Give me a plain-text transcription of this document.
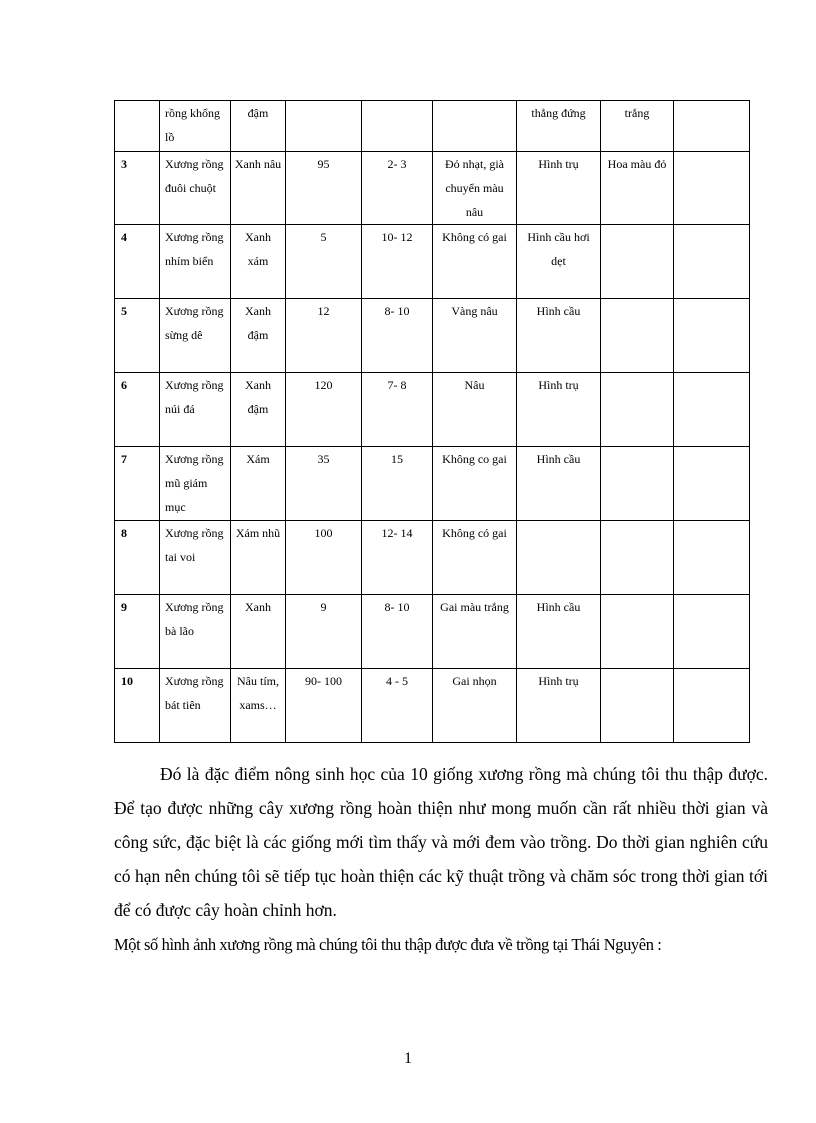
	rồng khổng lồ	đậm				thẳng đứng	trắng	
3	Xương rồng đuôi chuột	Xanh nâu	95	2- 3	Đỏ nhạt, già chuyển màu nâu	Hình trụ	Hoa màu đỏ	
4	Xương rồng nhím biển	Xanh xám	5	10- 12	Không có gai	Hình cầu hơi dẹt		
5	Xương rồng sừng dê	Xanh đậm	12	8- 10	Vàng nâu	Hình cầu		
6	Xương rồng núi đá	Xanh đậm	120	7- 8	Nâu	Hình trụ		
7	Xương rồng mũ giám mục	Xám	35	15	Không co gai	Hình cầu		
8	Xương rồng tai voi	Xám nhũ	100	12- 14	Không có gai			
9	Xương rồng bà lão	Xanh	9	8- 10	Gai màu trắng	Hình cầu		
10	Xương rồng bát tiên	Nâu tím, xams…	90- 100	4 - 5	Gai nhọn	Hình trụ		

Đó là đặc điểm nông sinh học của 10 giống xương rồng mà chúng tôi thu thập được. Để tạo được những cây xương rồng hoàn thiện như mong muốn cần rất nhiều thời gian và công sức, đặc biệt là các giống mới tìm thấy và mới đem vào trồng. Do thời gian nghiên cứu có hạn nên chúng tôi sẽ tiếp tục hoàn thiện các kỹ thuật trồng và chăm sóc trong thời gian tới để có được cây hoàn chỉnh hơn.

Một số hình ảnh xương rồng mà chúng tôi thu thập được đưa về trồng tại Thái Nguyên :

1
